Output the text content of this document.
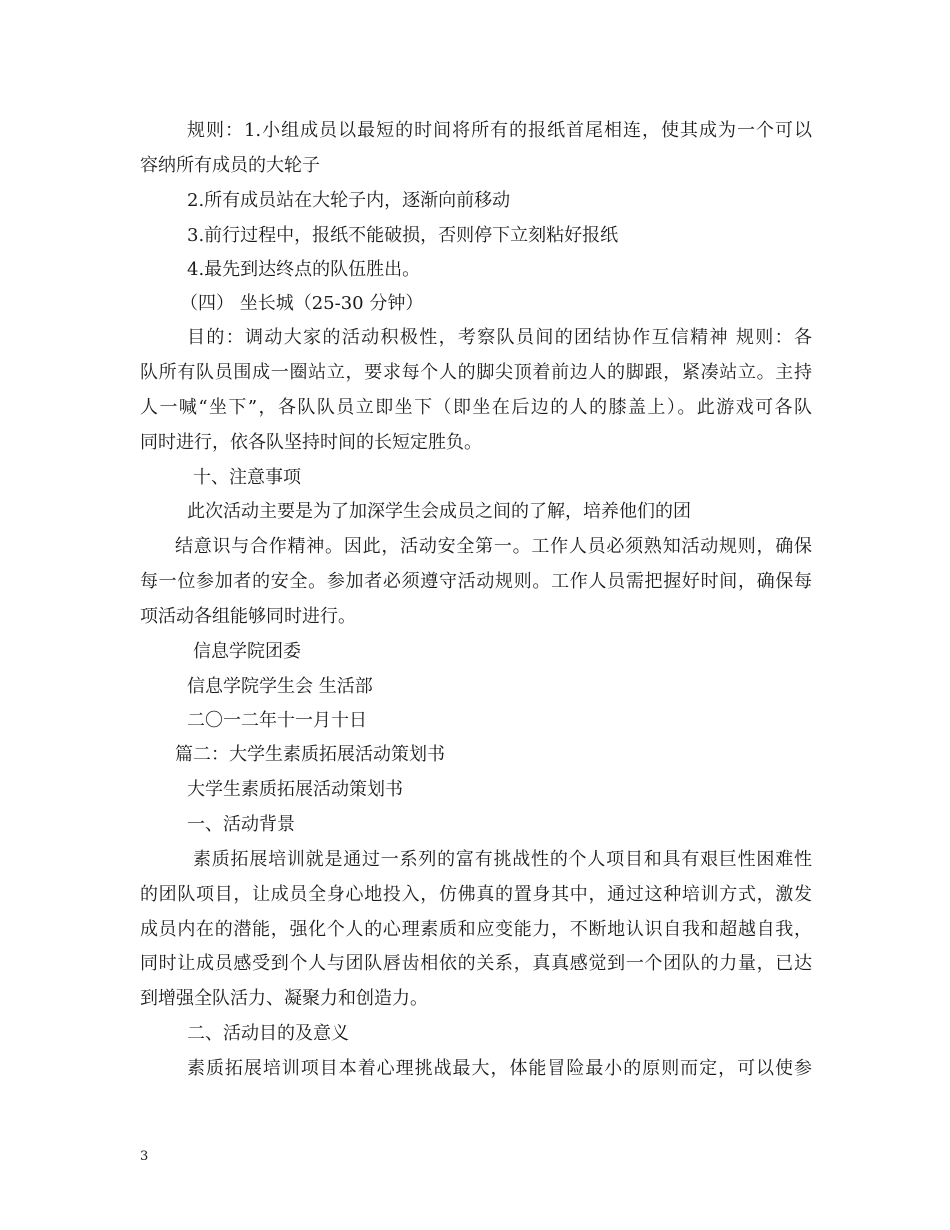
规则：1.小组成员以最短的时间将所有的报纸首尾相连，使其成为一个可以
容纳所有成员的大轮子
2.所有成员站在大轮子内，逐渐向前移动
3.前行过程中，报纸不能破损，否则停下立刻粘好报纸
4.最先到达终点的队伍胜出。
（四） 坐长城（25-30 分钟）
目的：调动大家的活动积极性，考察队员间的团结协作互信精神 规则：各
队所有队员围成一圈站立，要求每个人的脚尖顶着前边人的脚跟，紧凑站立。主持
人一喊“坐下”，各队队员立即坐下（即坐在后边的人的膝盖上）。此游戏可各队
同时进行，依各队坚持时间的长短定胜负。
十、注意事项
此次活动主要是为了加深学生会成员之间的了解，培养他们的团
结意识与合作精神。因此，活动安全第一。工作人员必须熟知活动规则，确保
每一位参加者的安全。参加者必须遵守活动规则。工作人员需把握好时间，确保每
项活动各组能够同时进行。
信息学院团委
信息学院学生会 生活部
二〇一二年十一月十日
篇二：大学生素质拓展活动策划书
大学生素质拓展活动策划书
一、活动背景
素质拓展培训就是通过一系列的富有挑战性的个人项目和具有艰巨性困难性
的团队项目，让成员全身心地投入，仿佛真的置身其中，通过这种培训方式，激发
成员内在的潜能，强化个人的心理素质和应变能力，不断地认识自我和超越自我，
同时让成员感受到个人与团队唇齿相依的关系，真真感觉到一个团队的力量，已达
到增强全队活力、凝聚力和创造力。
二、活动目的及意义
素质拓展培训项目本着心理挑战最大，体能冒险最小的原则而定，可以使参
3
